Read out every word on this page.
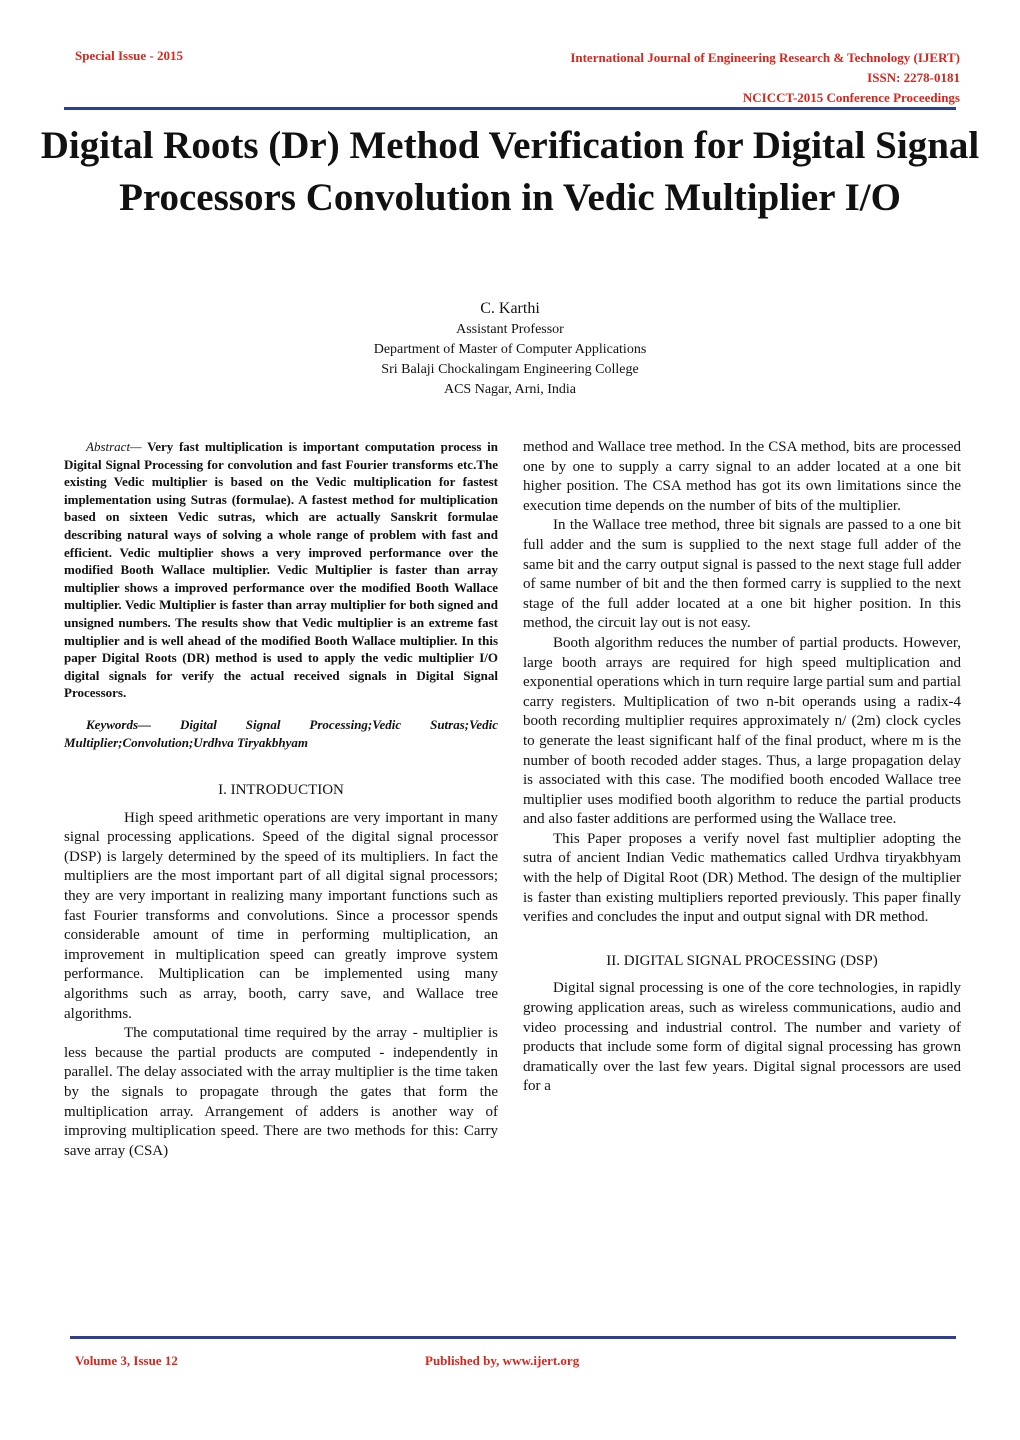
Special Issue - 2015	International Journal of Engineering Research & Technology (IJERT)
ISSN: 2278-0181
NCICCT-2015 Conference Proceedings
Digital Roots (Dr) Method Verification for Digital Signal Processors Convolution in Vedic Multiplier I/O
C. Karthi
Assistant Professor
Department of Master of Computer Applications
Sri Balaji Chockalingam Engineering College
ACS Nagar, Arni, India

Abstract— Very fast multiplication is important computation process in Digital Signal Processing for convolution and fast Fourier transforms etc.The existing Vedic multiplier is based on the Vedic multiplication for fastest implementation using Sutras (formulae). A fastest method for multiplication based on sixteen Vedic sutras, which are actually Sanskrit formulae describing natural ways of solving a whole range of problem with fast and efficient. Vedic multiplier shows a very improved performance over the modified Booth Wallace multiplier. Vedic Multiplier is faster than array multiplier shows a improved performance over the modified Booth Wallace multiplier. Vedic Multiplier is faster than array multiplier for both signed and unsigned numbers. The results show that Vedic multiplier is an extreme fast multiplier and is well ahead of the modified Booth Wallace multiplier. In this paper Digital Roots (DR) method is used to apply the vedic multiplier I/O digital signals for verify the actual received signals in Digital Signal Processors.

Keywords— Digital Signal Processing;Vedic Sutras;Vedic Multiplier;Convolution;Urdhva Tiryakbhyam

I. INTRODUCTION

High speed arithmetic operations are very important in many signal processing applications. Speed of the digital signal processor (DSP) is largely determined by the speed of its multipliers. In fact the multipliers are the most important part of all digital signal processors; they are very important in realizing many important functions such as fast Fourier transforms and convolutions. Since a processor spends considerable amount of time in performing multiplication, an improvement in multiplication speed can greatly improve system performance. Multiplication can be implemented using many algorithms such as array, booth, carry save, and Wallace tree algorithms.

The computational time required by the array - multiplier is less because the partial products are computed - independently in parallel. The delay associated with the array multiplier is the time taken by the signals to propagate through the gates that form the multiplication array. Arrangement of adders is another way of improving multiplication speed. There are two methods for this: Carry save array (CSA)

method and Wallace tree method. In the CSA method, bits are processed one by one to supply a carry signal to an adder located at a one bit higher position. The CSA method has got its own limitations since the execution time depends on the number of bits of the multiplier.

In the Wallace tree method, three bit signals are passed to a one bit full adder and the sum is supplied to the next stage full adder of the same bit and the carry output signal is passed to the next stage full adder of same number of bit and the then formed carry is supplied to the next stage of the full adder located at a one bit higher position. In this method, the circuit lay out is not easy.

Booth algorithm reduces the number of partial products. However, large booth arrays are required for high speed multiplication and exponential operations which in turn require large partial sum and partial carry registers. Multiplication of two n-bit operands using a radix-4 booth recording multiplier requires approximately n/ (2m) clock cycles to generate the least significant half of the final product, where m is the number of booth recoded adder stages. Thus, a large propagation delay is associated with this case. The modified booth encoded Wallace tree multiplier uses modified booth algorithm to reduce the partial products and also faster additions are performed using the Wallace tree.

This Paper proposes a verify novel fast multiplier adopting the sutra of ancient Indian Vedic mathematics called Urdhva tiryakbhyam with the help of Digital Root (DR) Method. The design of the multiplier is faster than existing multipliers reported previously. This paper finally verifies and concludes the input and output signal with DR method.

II. DIGITAL SIGNAL PROCESSING (DSP)

Digital signal processing is one of the core technologies, in rapidly growing application areas, such as wireless communications, audio and video processing and industrial control. The number and variety of products that include some form of digital signal processing has grown dramatically over the last few years. Digital signal processors are used for a

Volume 3, Issue 12	Published by, www.ijert.org
